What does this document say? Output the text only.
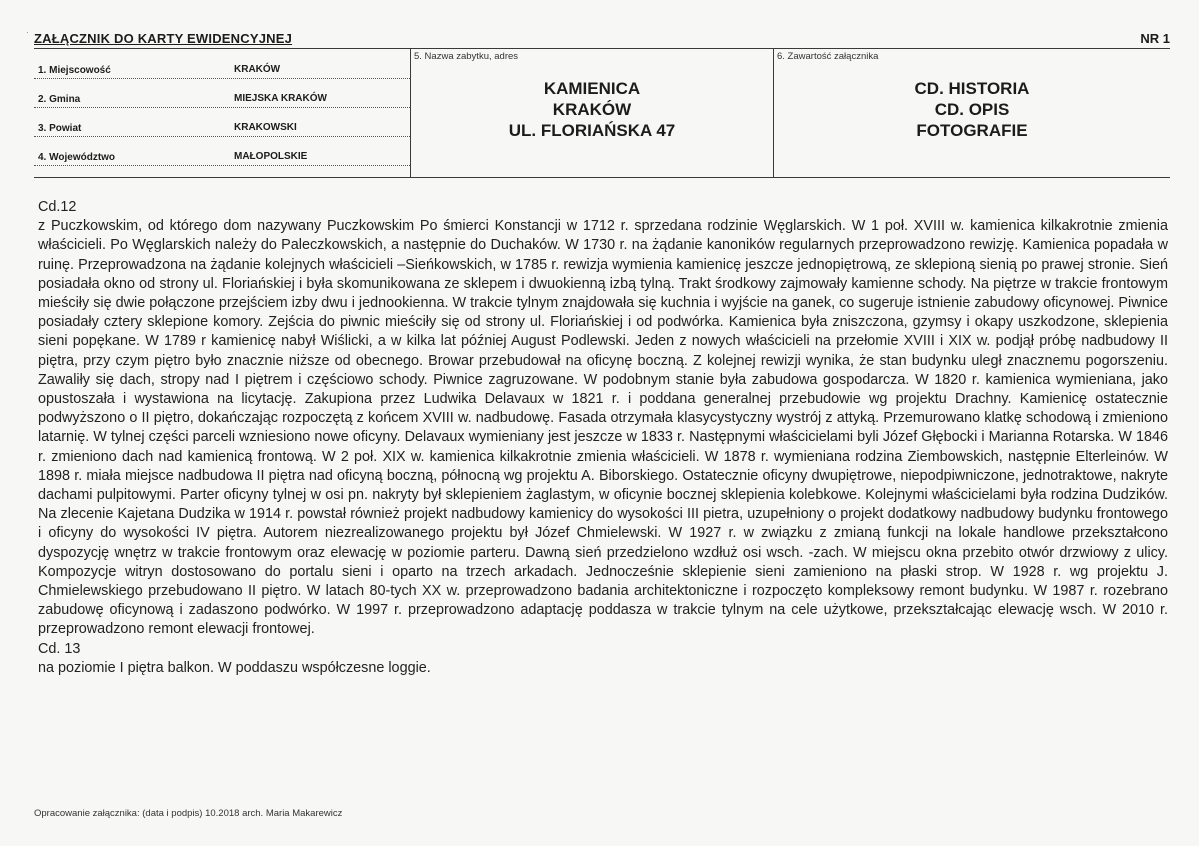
· ZAŁĄCZNIK DO KARTY EWIDENCYJNEJ	NR 1
1. Miejscowość	KRAKÓW
2. Gmina	MIEJSKA KRAKÓW
3. Powiat	KRAKOWSKI
4. Województwo	MAŁOPOLSKIE
5. Nazwa zabytku, adres
KAMIENICA
KRAKÓW
UL. FLORIAŃSKA 47
6. Zawartość załącznika
CD. HISTORIA
CD. OPIS
FOTOGRAFIE

Cd.12

z Puczkowskim, od którego dom nazywany Puczkowskim Po śmierci Konstancji w 1712 r. sprzedana rodzinie Węglarskich. W 1 poł. XVIII w. kamienica kilkakrotnie zmienia właścicieli. Po Węglarskich należy do Paleczkowskich, a następnie do Duchaków. W 1730 r. na żądanie kanoników regularnych przeprowadzono rewizję. Kamienica popadała w ruinę. Przeprowadzona na żądanie kolejnych właścicieli –Sieńkowskich, w 1785 r. rewizja wymienia kamienicę jeszcze jednopiętrową, ze sklepioną sienią po prawej stronie. Sień posiadała okno od strony ul. Floriańskiej i była skomunikowana ze sklepem i dwuokienną izbą tylną. Trakt środkowy zajmowały kamienne schody. Na piętrze w trakcie frontowym mieściły się dwie połączone przejściem izby dwu i jednookienna. W trakcie tylnym znajdowała się kuchnia i wyjście na ganek, co sugeruje istnienie zabudowy oficynowej. Piwnice posiadały cztery sklepione komory. Zejścia do piwnic mieściły się od strony ul. Floriańskiej i od podwórka. Kamienica była zniszczona, gzymsy i okapy uszkodzone, sklepienia sieni popękane. W 1789 r kamienicę nabył Wiślicki, a w kilka lat później August Podlewski. Jeden z nowych właścicieli na przełomie XVIII i XIX w. podjął próbę nadbudowy II piętra, przy czym piętro było znacznie niższe od obecnego. Browar przebudował na oficynę boczną. Z kolejnej rewizji wynika, że stan budynku uległ znacznemu pogorszeniu. Zawaliły się dach, stropy nad I piętrem i częściowo schody. Piwnice zagruzowane. W podobnym stanie była zabudowa gospodarcza. W 1820 r. kamienica wymieniana, jako opustoszała i wystawiona na licytację. Zakupiona przez Ludwika Delavaux w 1821 r. i poddana generalnej przebudowie wg projektu Drachny. Kamienicę ostatecznie podwyższono o II piętro, dokańczając rozpoczętą z końcem XVIII w. nadbudowę. Fasada otrzymała klasycystyczny wystrój z attyką. Przemurowano klatkę schodową i zmieniono latarnię. W tylnej części parceli wzniesiono nowe oficyny. Delavaux wymieniany jest jeszcze w 1833 r. Następnymi właścicielami byli Józef Głębocki i Marianna Rotarska. W 1846 r. zmieniono dach nad kamienicą frontową. W 2 poł. XIX w. kamienica kilkakrotnie zmienia właścicieli. W 1878 r. wymieniana rodzina Ziembowskich, następnie Elterleinów. W 1898 r. miała miejsce nadbudowa II piętra nad oficyną boczną, północną wg projektu A. Biborskiego. Ostatecznie oficyny dwupiętrowe, niepodpiwniczone, jednotraktowe, nakryte dachami pulpitowymi. Parter oficyny tylnej w osi pn. nakryty był sklepieniem żaglastym, w oficynie bocznej sklepienia kolebkowe. Kolejnymi właścicielami była rodzina Dudzików. Na zlecenie Kajetana Dudzika w 1914 r. powstał również projekt nadbudowy kamienicy do wysokości III pietra, uzupełniony o projekt dodatkowy nadbudowy budynku frontowego i oficyny do wysokości IV piętra. Autorem niezrealizowanego projektu był Józef Chmielewski. W 1927 r. w związku z zmianą funkcji na lokale handlowe przekształcono dyspozycję wnętrz w trakcie frontowym oraz elewację w poziomie parteru. Dawną sień przedzielono wzdłuż osi wsch. -zach. W miejscu okna przebito otwór drzwiowy z ulicy. Kompozycje witryn dostosowano do portalu sieni i oparto na trzech arkadach. Jednocześnie sklepienie sieni zamieniono na płaski strop. W 1928 r. wg projektu J. Chmielewskiego przebudowano II piętro. W latach 80-tych XX w. przeprowadzono badania architektoniczne i rozpoczęto kompleksowy remont budynku. W 1987 r. rozebrano zabudowę oficynową i zadaszono podwórko. W 1997 r. przeprowadzono adaptację poddasza w trakcie tylnym na cele użytkowe, przekształcając elewację wsch. W 2010 r. przeprowadzono remont elewacji frontowej.

Cd. 13

na poziomie I piętra balkon. W poddaszu współczesne loggie.

Opracowanie załącznika: (data i podpis) 10.2018 arch. Maria Makarewicz
